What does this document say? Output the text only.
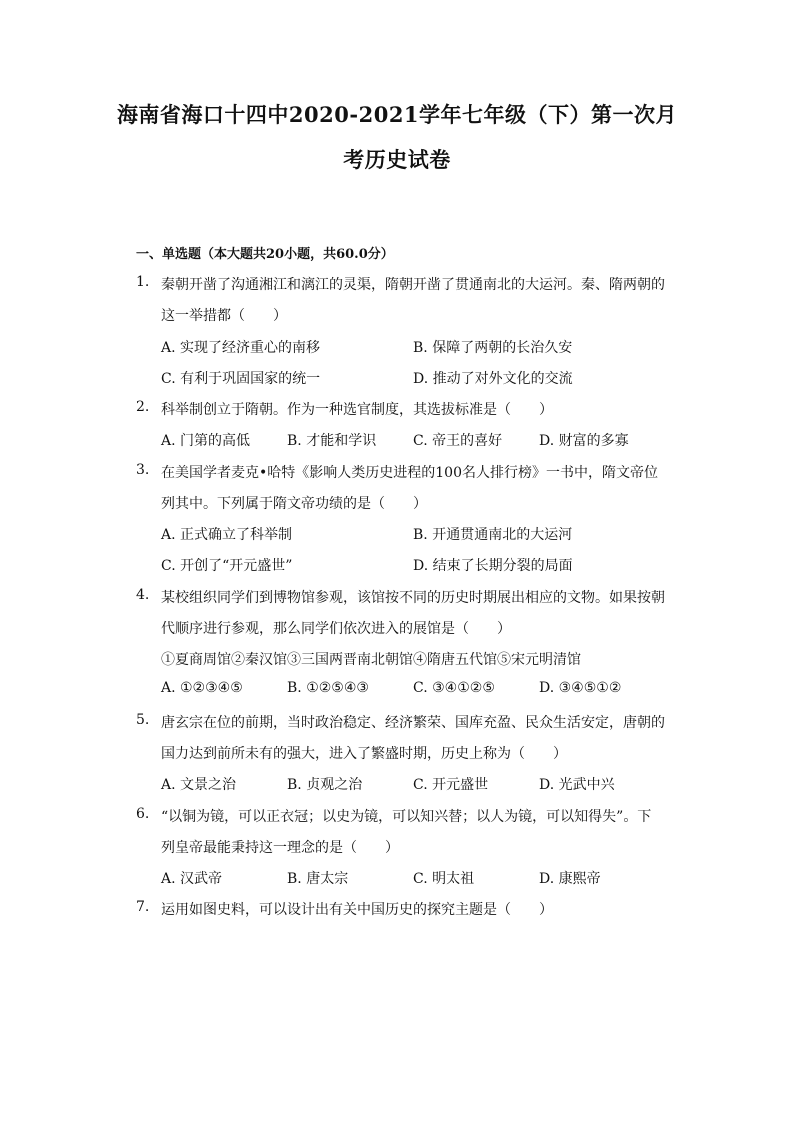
海南省海口十四中2020-2021学年七年级（下）第一次月
考历史试卷
一、单选题（本大题共20小题，共60.0分）
1. 秦朝开凿了沟通湘江和漓江的灵渠，隋朝开凿了贯通南北的大运河。秦、隋两朝的
这一举措都（　　）
A. 实现了经济重心的南移	B. 保障了两朝的长治久安
C. 有利于巩固国家的统一	D. 推动了对外文化的交流
2. 科举制创立于隋朝。作为一种选官制度，其选拔标准是（　　）
A. 门第的高低	B. 才能和学识	C. 帝王的喜好	D. 财富的多寡
3. 在美国学者麦克•哈特《影响人类历史进程的100名人排行榜》一书中，隋文帝位
列其中。下列属于隋文帝功绩的是（　　）
A. 正式确立了科举制	B. 开通贯通南北的大运河
C. 开创了“开元盛世”	D. 结束了长期分裂的局面
4. 某校组织同学们到博物馆参观，该馆按不同的历史时期展出相应的文物。如果按朝
代顺序进行参观，那么同学们依次进入的展馆是（　　）
①夏商周馆②秦汉馆③三国两晋南北朝馆④隋唐五代馆⑤宋元明清馆
A. ①②③④⑤	B. ①②⑤④③	C. ③④①②⑤	D. ③④⑤①②
5. 唐玄宗在位的前期，当时政治稳定、经济繁荣、国库充盈、民众生活安定，唐朝的
国力达到前所未有的强大，进入了繁盛时期，历史上称为（　　）
A. 文景之治	B. 贞观之治	C. 开元盛世	D. 光武中兴
6. “以铜为镜，可以正衣冠；以史为镜，可以知兴替；以人为镜，可以知得失”。下
列皇帝最能秉持这一理念的是（　　）
A. 汉武帝	B. 唐太宗	C. 明太祖	D. 康熙帝
7. 运用如图史料，可以设计出有关中国历史的探究主题是（　　）
